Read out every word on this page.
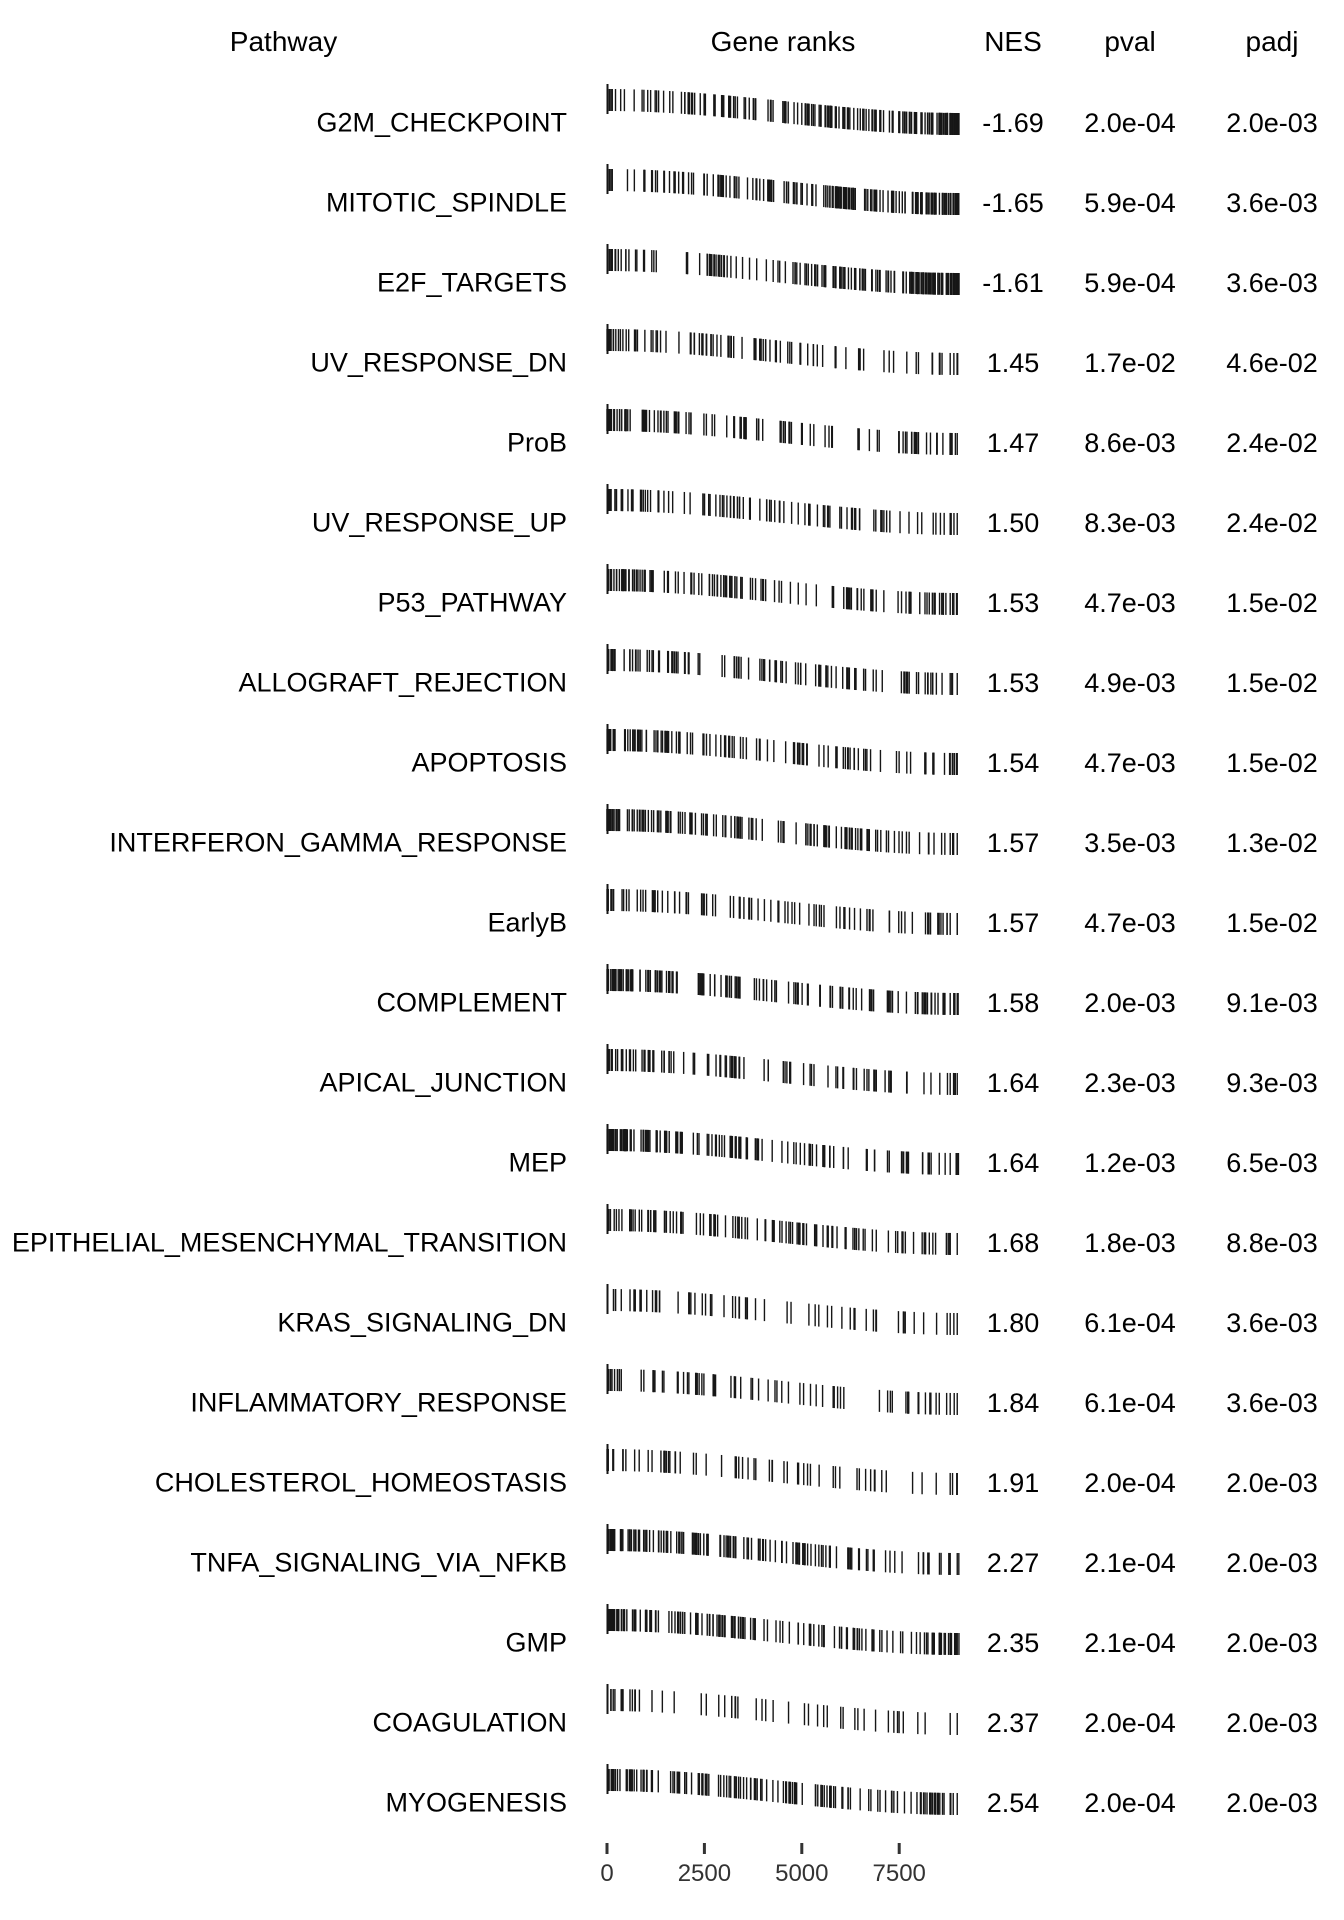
Pathway	Gene ranks	NES	pval	padj
G2M_CHECKPOINT	-1.69	2.0e-04	2.0e-03
MITOTIC_SPINDLE	-1.65	5.9e-04	3.6e-03
E2F_TARGETS	-1.61	5.9e-04	3.6e-03
UV_RESPONSE_DN	1.45	1.7e-02	4.6e-02
ProB	1.47	8.6e-03	2.4e-02
UV_RESPONSE_UP	1.50	8.3e-03	2.4e-02
P53_PATHWAY	1.53	4.7e-03	1.5e-02
ALLOGRAFT_REJECTION	1.53	4.9e-03	1.5e-02
APOPTOSIS	1.54	4.7e-03	1.5e-02
INTERFERON_GAMMA_RESPONSE	1.57	3.5e-03	1.3e-02
EarlyB	1.57	4.7e-03	1.5e-02
COMPLEMENT	1.58	2.0e-03	9.1e-03
APICAL_JUNCTION	1.64	2.3e-03	9.3e-03
MEP	1.64	1.2e-03	6.5e-03
EPITHELIAL_MESENCHYMAL_TRANSITION	1.68	1.8e-03	8.8e-03
KRAS_SIGNALING_DN	1.80	6.1e-04	3.6e-03
INFLAMMATORY_RESPONSE	1.84	6.1e-04	3.6e-03
CHOLESTEROL_HOMEOSTASIS	1.91	2.0e-04	2.0e-03
TNFA_SIGNALING_VIA_NFKB	2.27	2.1e-04	2.0e-03
GMP	2.35	2.1e-04	2.0e-03
COAGULATION	2.37	2.0e-04	2.0e-03
MYOGENESIS	2.54	2.0e-04	2.0e-03
0	2500 5000 7500
